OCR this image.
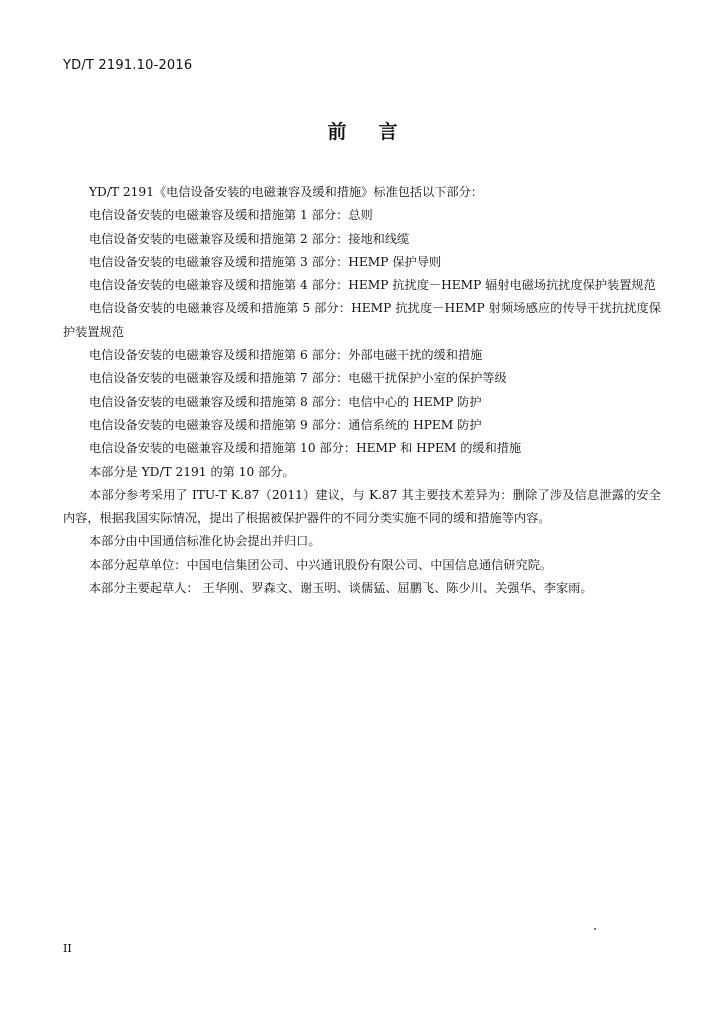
YD/T 2191.10-2016
前言

YD/T 2191《电信设备安装的电磁兼容及缓和措施》标准包括以下部分：

电信设备安装的电磁兼容及缓和措施第 1 部分：总则

电信设备安装的电磁兼容及缓和措施第 2 部分：接地和线缆

电信设备安装的电磁兼容及缓和措施第 3 部分：HEMP 保护导则

电信设备安装的电磁兼容及缓和措施第 4 部分：HEMP 抗扰度－HEMP 辐射电磁场抗扰度保护装置规范

电信设备安装的电磁兼容及缓和措施第 5 部分：HEMP 抗扰度－HEMP 射频场感应的传导干扰抗扰度保护装置规范

电信设备安装的电磁兼容及缓和措施第 6 部分：外部电磁干扰的缓和措施

电信设备安装的电磁兼容及缓和措施第 7 部分：电磁干扰保护小室的保护等级

电信设备安装的电磁兼容及缓和措施第 8 部分：电信中心的 HEMP 防护

电信设备安装的电磁兼容及缓和措施第 9 部分：通信系统的 HPEM 防护

电信设备安装的电磁兼容及缓和措施第 10 部分：HEMP 和 HPEM 的缓和措施

本部分是 YD/T 2191 的第 10 部分。

本部分参考采用了 ITU-T K.87（2011）建议，与 K.87 其主要技术差异为：删除了涉及信息泄露的安全内容，根据我国实际情况，提出了根据被保护器件的不同分类实施不同的缓和措施等内容。

本部分由中国通信标准化协会提出并归口。

本部分起草单位：中国电信集团公司、中兴通讯股份有限公司、中国信息通信研究院。

本部分主要起草人： 王华刚、罗森文、谢玉明、谈儒猛、屈鹏飞、陈少川、关强华、李家雨。

II
